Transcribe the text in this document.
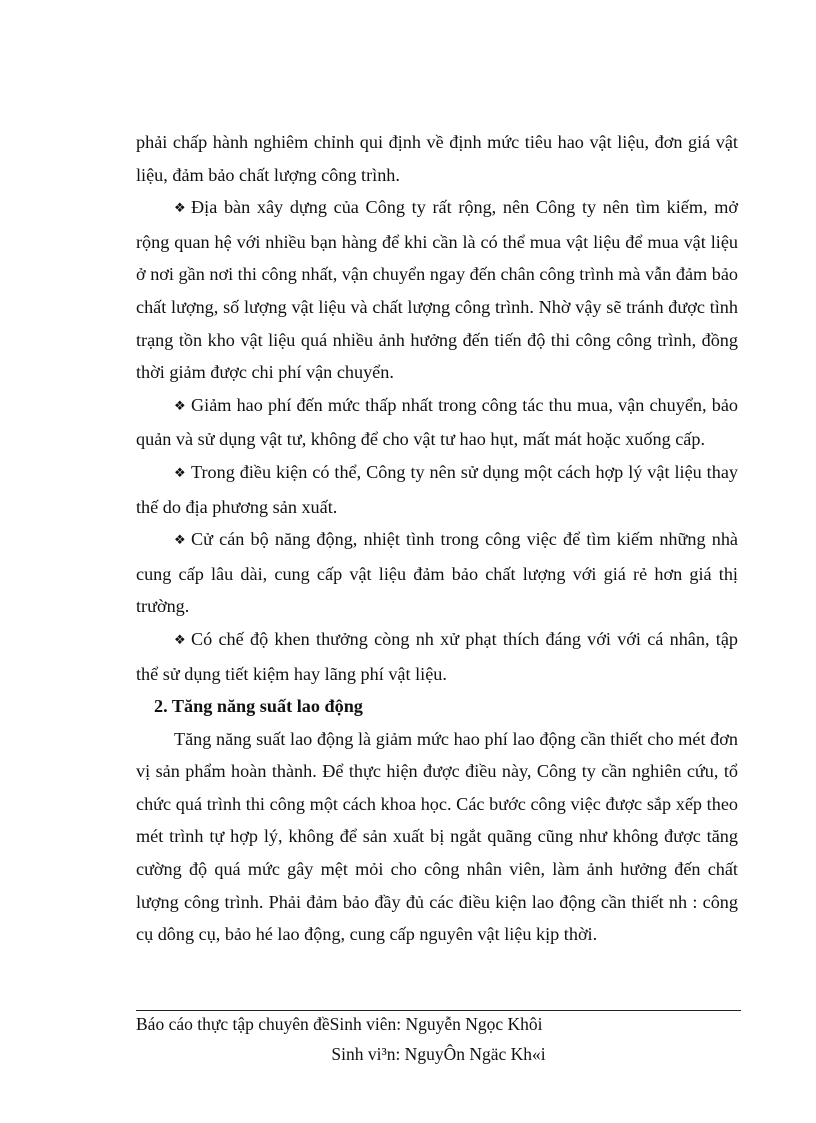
phải chấp hành nghiêm chỉnh qui định về định mức tiêu hao vật liệu, đơn giá vật liệu, đảm bảo chất lượng công trình.

❖ Địa bàn xây dựng của Công ty rất rộng, nên Công ty nên tìm kiếm, mở rộng quan hệ với nhiều bạn hàng để khi cần là có thể mua vật liệu để mua vật liệu ở nơi gần nơi thi công nhất, vận chuyển ngay đến chân công trình mà vẫn đảm bảo chất lượng, số lượng vật liệu và chất lượng công trình. Nhờ vậy sẽ tránh được tình trạng tồn kho vật liệu quá nhiều ảnh hưởng đến tiến độ thi công công trình, đồng thời giảm được chi phí vận chuyển.

❖ Giảm hao phí đến mức thấp nhất trong công tác thu mua, vận chuyển, bảo quản và sử dụng vật tư, không để cho vật tư hao hụt, mất mát hoặc xuống cấp.

❖ Trong điều kiện có thể, Công ty nên sử dụng một cách hợp lý vật liệu thay thế do địa phương sản xuất.

❖ Cử cán bộ năng động, nhiệt tình trong công việc để tìm kiếm những nhà cung cấp lâu dài, cung cấp vật liệu đảm bảo chất lượng với giá rẻ hơn giá thị trường.

❖ Có chế độ khen thưởng còng nh xử phạt thích đáng với với cá nhân, tập thể sử dụng tiết kiệm hay lãng phí vật liệu.

2. Tăng năng suất lao động

Tăng năng suất lao động là giảm mức hao phí lao động cần thiết cho mét đơn vị sản phẩm hoàn thành. Để thực hiện được điều này, Công ty cần nghiên cứu, tổ chức quá trình thi công một cách khoa học. Các bước công việc được sắp xếp theo mét trình tự hợp lý, không để sản xuất bị ngắt quãng cũng như không được tăng cường độ quá mức gây mệt mỏi cho công nhân viên, làm ảnh hưởng đến chất lượng công trình. Phải đảm bảo đầy đủ các điều kiện lao động cần thiết nh : công cụ dông cụ, bảo hé lao động, cung cấp nguyên vật liệu kịp thời.

Báo cáo thực tập chuyên đềSinh viên: Nguyễn Ngọc Khôi
Sinh vi³n: NguyÔn Ngäc Kh«i
